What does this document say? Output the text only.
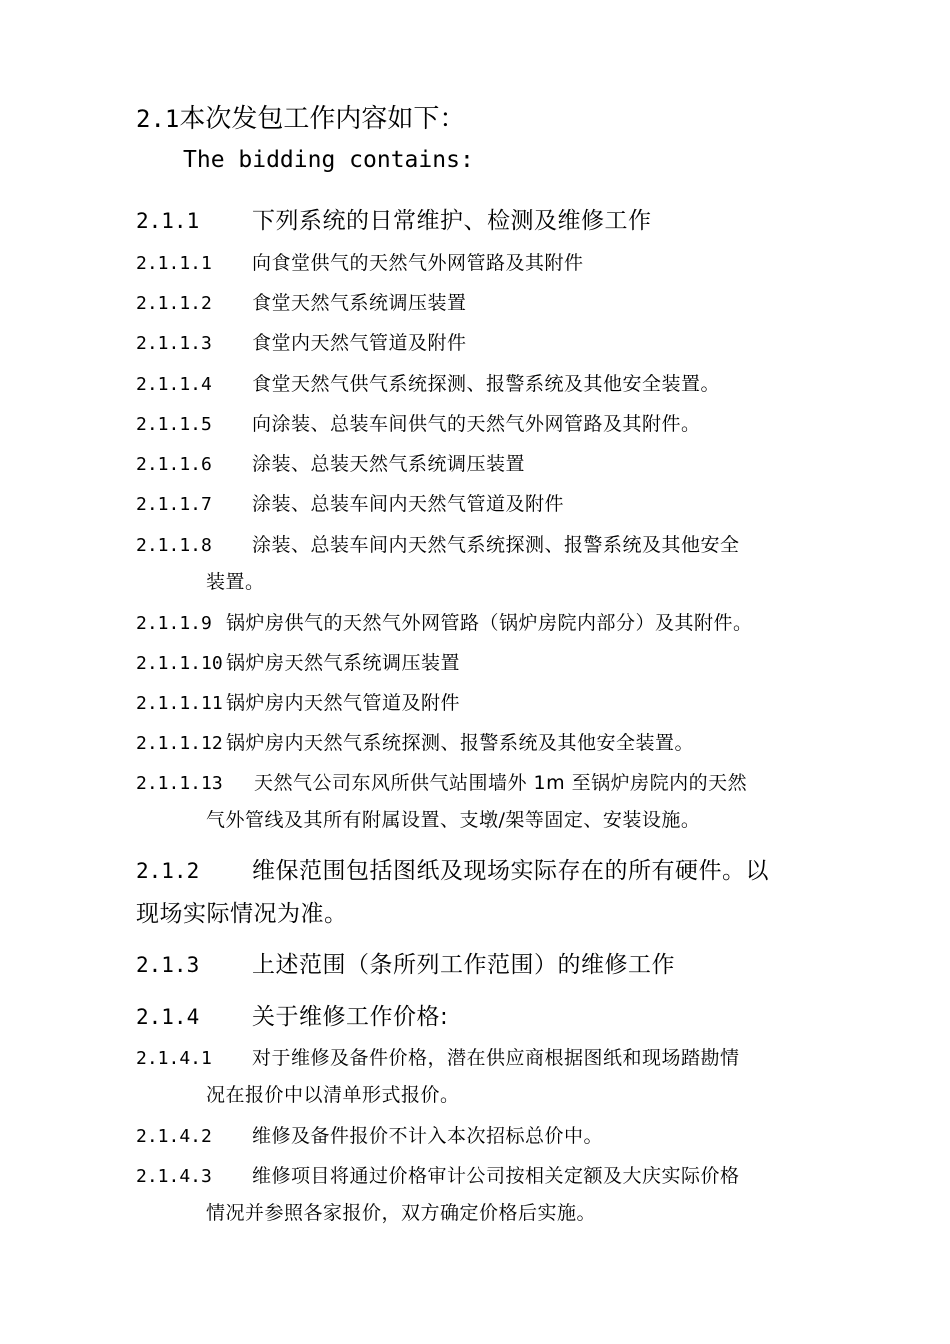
2.1本次发包工作内容如下：
The bidding contains:
2.1.1 下列系统的日常维护、检测及维修工作
2.1.1.1 向食堂供气的天然气外网管路及其附件
2.1.1.2 食堂天然气系统调压装置
2.1.1.3 食堂内天然气管道及附件
2.1.1.4 食堂天然气供气系统探测、报警系统及其他安全装置。
2.1.1.5 向涂装、总装车间供气的天然气外网管路及其附件。
2.1.1.6 涂装、总装天然气系统调压装置
2.1.1.7 涂装、总装车间内天然气管道及附件
2.1.1.8 涂装、总装车间内天然气系统探测、报警系统及其他安全
装置。
2.1.1.9 锅炉房供气的天然气外网管路（锅炉房院内部分）及其附件。
2.1.1.10 锅炉房天然气系统调压装置
2.1.1.11 锅炉房内天然气管道及附件
2.1.1.12 锅炉房内天然气系统探测、报警系统及其他安全装置。
2.1.1.13 天然气公司东风所供气站围墙外 1m 至锅炉房院内的天然
气外管线及其所有附属设置、支墩/架等固定、安装设施。
2.1.2 维保范围包括图纸及现场实际存在的所有硬件。以
现场实际情况为准。
2.1.3 上述范围（条所列工作范围）的维修工作
2.1.4 关于维修工作价格:
2.1.4.1 对于维修及备件价格，潜在供应商根据图纸和现场踏勘情
况在报价中以清单形式报价。
2.1.4.2 维修及备件报价不计入本次招标总价中。
2.1.4.3 维修项目将通过价格审计公司按相关定额及大庆实际价格
情况并参照各家报价，双方确定价格后实施。
